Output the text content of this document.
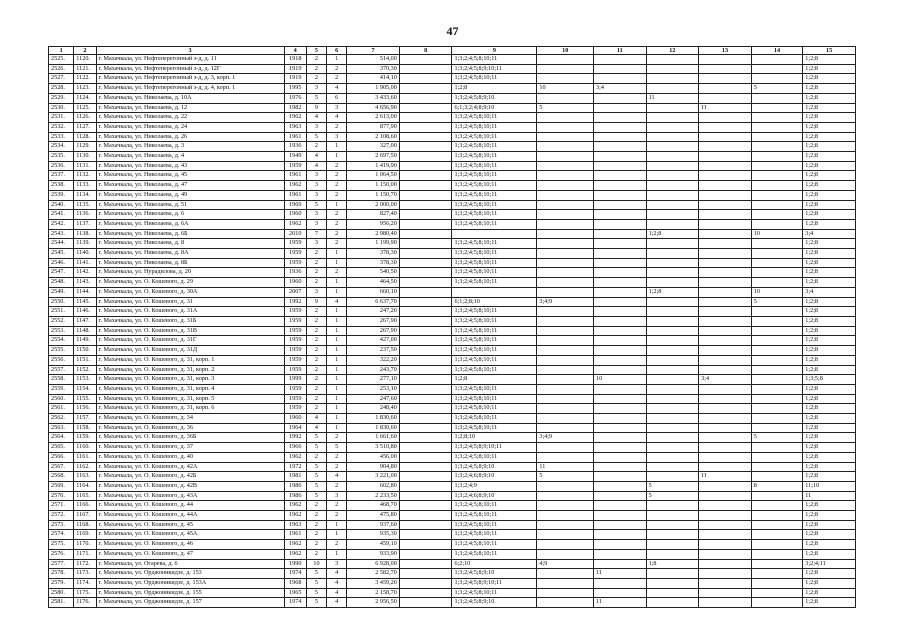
47
1	2	3	4	5	6	7	8	9	10	11	12	13	14	15
2525.	1120.	г. Махачкала, ул. Нефтеперегонный з-д, д. 11	1918	2	1	514,00		1;3;2;4;5;8;10;11						1;2;8
2526.	1121.	г. Махачкала, ул. Нефтеперегонный з-д, д. 12Г	1919	2	2	370,30		1;3;2;4;5;8;9;10;11						1;2;8
2527.	1122.	г. Махачкала, ул. Нефтеперегонный з-д, д. 3, корп. 1	1919	2	2	414,10		1;3;2;4;5;8;10;11						1;2;8
2528.	1123.	г. Махачкала, ул. Нефтеперегонный з-д, д. 4, корп. 1	1995	3	4	1 905,00		1;2;8	10	3;4			5	1;2;8
2529.	1124.	г. Махачкала, ул. Николаева, д. 10А	1976	5	6	3 433,60		1;3;2;4;5;8;9;10			11			1;2;8
2530.	1125.	г. Махачкала, ул. Николаева, д. 12	1982	9	3	4 656,90		6;1;3;2;4;8;9;10	5			11		1;2;8
2531.	1126.	г. Махачкала, ул. Николаева, д. 22	1962	4	4	2 613,00		1;3;2;4;5;8;10;11						1;2;8
2532.	1127.	г. Махачкала, ул. Николаева, д. 24	1963	3	2	877,90		1;3;2;4;5;8;10;11						1;2;8
2533.	1128.	г. Махачкала, ул. Николаева, д. 26	1961	5	3	2 108,60		1;3;2;4;5;8;10;11						1;2;8
2534.	1129.	г. Махачкала, ул. Николаева, д. 3	1936	2	1	327,00		1;3;2;4;5;8;10;11						1;2;8
2535.	1130.	г. Махачкала, ул. Николаева, д. 4	1949	4	1	2 697,50		1;3;2;4;5;8;10;11						1;2;8
2536.	1131.	г. Махачкала, ул. Николаева, д. 43	1959	4	2	1 419,90		1;3;2;4;5;8;10;11						1;2;8
2537.	1132.	г. Махачкала, ул. Николаева, д. 45	1961	3	2	1 064,50		1;3;2;4;5;8;10;11						1;2;8
2538.	1133.	г. Махачкала, ул. Николаева, д. 47	1962	3	2	1 150,00		1;3;2;4;5;8;10;11						1;2;8
2539.	1134.	г. Махачкала, ул. Николаева, д. 49	1961	3	2	1 150,70		1;3;2;4;5;8;10;11						1;2;8
2540.	1135.	г. Махачкала, ул. Николаева, д. 51	1969	5	1	2 000,00		1;3;2;4;5;8;10;11						1;2;8
2541.	1136.	г. Махачкала, ул. Николаева, д. 6	1960	3	2	827,40		1;3;2;4;5;8;10;11						1;2;8
2542.	1137.	г. Махачкала, ул. Николаева, д. 6А	1962	3	2	956,20		1;3;2;4;5;8;10;11						1;2;8
2543.	1138.	г. Махачкала, ул. Николаева, д. 6Б	2010	7	2	2 980,40					1;2;8		10	3;4
2544.	1139.	г. Махачкала, ул. Николаева, д. 8	1959	3	2	1 199,90		1;3;2;4;5;8;10;11						1;2;8
2545.	1140.	г. Махачкала, ул. Николаева, д. 8А	1959	2	1	378,30		1;3;2;4;5;8;10;11						1;2;8
2546.	1141.	г. Махачкала, ул. Николаева, д. 8Б	1959	2	1	378,30		1;3;2;4;5;8;10;11						1;2;8
2547.	1142.	г. Махачкала, ул. Нурадилова, д. 20	1936	2	2	540,50		1;3;2;4;5;8;10;11						1;2;8
2548.	1143.	г. Махачкала, ул. О. Кошевого, д. 29	1960	2	1	464,50		1;3;2;4;5;8;10;11						1;2;8
2549.	1144.	г. Махачкала, ул. О. Кошевого, д. 30А	2007	3	1	660,10					1;2;8		10	3;4
2550.	1145.	г. Махачкала, ул. О. Кошевого, д. 31	1992	9	4	6 637,70		6;1;2;8;10	3;4;9				5	1;2;8
2551.	1146.	г. Махачкала, ул. О. Кошевого, д. 31А	1959	2	1	247,20		1;3;2;4;5;8;10;11						1;2;8
2552.	1147.	г. Махачкала, ул. О. Кошевого, д. 31Б	1959	2	1	267,90		1;3;2;4;5;8;10;11						1;2;8
2553.	1148.	г. Махачкала, ул. О. Кошевого, д. 31В	1959	2	1	267,90		1;3;2;4;5;8;10;11						1;2;8
2554.	1149.	г. Махачкала, ул. О. Кошевого, д. 31Г	1959	2	1	427,00		1;3;2;4;5;8;10;11						1;2;8
2555.	1150.	г. Махачкала, ул. О. Кошевого, д. 31Д	1959	2	1	237,50		1;3;2;4;5;8;10;11						1;2;8
2556.	1151.	г. Махачкала, ул. О. Кошевого, д. 31, корп. 1	1959	2	1	322,20		1;3;2;4;5;8;10;11						1;2;8
2557.	1152.	г. Махачкала, ул. О. Кошевого, д. 31, корп. 2	1959	2	1	243,70		1;3;2;4;5;8;10;11						1;2;8
2558.	1153.	г. Махачкала, ул. О. Кошевого, д. 31, корп. 3	1999	2	1	277,10		1;2;8		10		3;4		1;3;5;8
2559.	1154.	г. Махачкала, ул. О. Кошевого, д. 31, корп. 4	1959	2	1	253,10		1;3;2;4;5;8;10;11						1;2;8
2560.	1155.	г. Махачкала, ул. О. Кошевого, д. 31, корп. 5	1959	2	1	247,60		1;3;2;4;5;8;10;11						1;2;8
2561.	1156.	г. Махачкала, ул. О. Кошевого, д. 31, корп. 6	1959	2	1	248,40		1;3;2;4;5;8;10;11						1;2;8
2562.	1157.	г. Махачкала, ул. О. Кошевого, д. 34	1960	4	1	1 830,60		1;3;2;4;5;8;10;11						1;2;8
2563.	1158.	г. Махачкала, ул. О. Кошевого, д. 36	1964	4	1	1 830,60		1;3;2;4;5;8;10;11						1;2;8
2564.	1159.	г. Махачкала, ул. О. Кошевого, д. 36Б	1992	5	2	1 661,60		1;2;8;10	3;4;9				5	1;2;8
2565.	1160.	г. Махачкала, ул. О. Кошевого, д. 37	1966	5	5	3 510,80		1;3;2;4;5;8;9;10;11						1;2;8
2566.	1161.	г. Махачкала, ул. О. Кошевого, д. 40	1962	2	2	456,00		1;3;2;4;5;8;10;11						1;2;8
2567.	1162.	г. Махачкала, ул. О. Кошевого, д. 42А	1972	5	2	904,80		1;3;2;4;5;8;9;10	11					1;2;8
2568.	1163.	г. Махачкала, ул. О. Кошевого, д. 42Б	1981	5	4	3 221,00		1;3;2;4;6;8;9;10	5			11		1;2;8
2569.	1164.	г. Махачкала, ул. О. Кошевого, д. 42В	1986	5	2	602,80		1;3;2;4;9			5		8	11;10
2570.	1165.	г. Махачкала, ул. О. Кошевого, д. 43А	1986	5	3	2 233,50		1;3;2;4;6;8;9;10			5			11
2571.	1166.	г. Махачкала, ул. О. Кошевого, д. 44	1962	2	2	468,70		1;3;2;4;5;8;10;11						1;2;8
2572.	1167.	г. Махачкала, ул. О. Кошевого, д. 44А	1962	2	2	475,80		1;3;2;4;5;8;10;11						1;2;8
2573.	1168.	г. Махачкала, ул. О. Кошевого, д. 45	1963	2	1	937,60		1;3;2;4;5;8;10;11						1;2;8
2574.	1169.	г. Махачкала, ул. О. Кошевого, д. 45А	1961	2	1	935,30		1;3;2;4;5;8;10;11						1;2;8
2575.	1170.	г. Махачкала, ул. О. Кошевого, д. 46	1962	2	2	459,10		1;3;2;4;5;8;10;11						1;2;8
2576.	1171.	г. Махачкала, ул. О. Кошевого, д. 47	1962	2	1	933,90		1;3;2;4;5;8;10;11						1;2;8
2577.	1172.	г. Махачкала, ул. Огарева, д. 6	1990	10	3	6 928,00		6;2;10	4;9		1;8			3;2;4;11
2578.	1173.	г. Махачкала, ул. Орджоникидзе, д. 153	1974	5	4	2 582,70		1;3;2;4;5;8;9;10		11				1;2;8
2579.	1174.	г. Махачкала, ул. Орджоникидзе, д. 153А	1968	5	4	3 459,20		1;3;2;4;5;8;9;10;11						1;2;8
2580.	1175.	г. Махачкала, ул. Орджоникидзе, д. 155	1965	5	4	2 158,70		1;3;2;4;5;8;10;11						1;2;8
2581.	1176.	г. Махачкала, ул. Орджоникидзе, д. 157	1974	5	4	2 956,50		1;3;2;4;5;8;9;10		11				1;2;8
